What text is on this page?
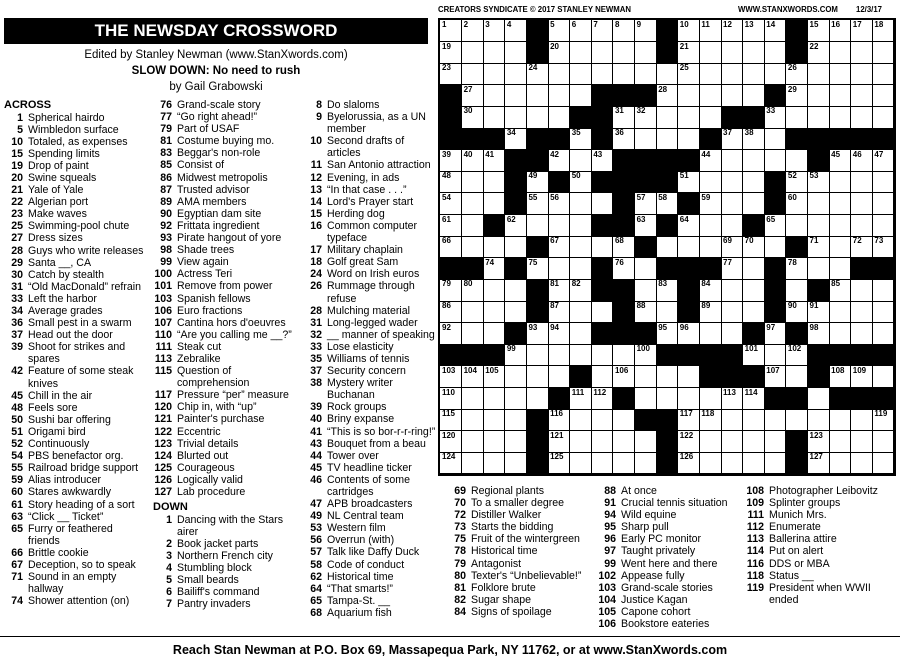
THE NEWSDAY CROSSWORD
Edited by Stanley Newman (www.StanXwords.com)
SLOW DOWN: No need to rush
by Gail Grabowski
CREATORS SYNDICATE © 2017 STANLEY NEWMAN	WWW.STANXWORDS.COM 12/3/17
1 2 3 4	5 6 7 8 9	10 11 12 13 14	15 16 17 18
19	20	21	22
23	24	25	26
27	28	29
30	31 32	33
34	35	36	37 38
39 40 41	42	43	44	45 46 47
48	49	50	51	52 53
54	55 56	57 58	59	60
61	62	63	64	65
66	67	68	69 70	71	72 73
74	75	76	77	78
79 80	81 82	83	84	85
86	87	88	89	90 91
92	93 94	95 96	97	98
99	100	101	102
103 104 105	106	107	108 109
110	111 112	113 114
115	116	117 118	119
120	121	122	123
124	125	126	127
ACROSS
1 Spherical hairdo
5 Wimbledon surface
10 Totaled, as expenses
15 Spending limits
19 Drop of paint
20 Swine squeals
21 Yale of Yale
22 Algerian port
23 Make waves
25 Swimming-pool chute
27 Dress sizes
28 Guys who write releases
29 Santa __, CA
30 Catch by stealth
31 “Old MacDonald” refrain
33 Left the harbor
34 Average grades
36 Small pest in a swarm
37 Head out the door
39 Shoot for strikes and spares
42 Feature of some steak knives
45 Chill in the air
48 Feels sore
50 Sushi bar offering
51 Origami bird
52 Continuously
54 PBS benefactor org.
55 Railroad bridge support
59 Alias introducer
60 Stares awkwardly
61 Story heading of a sort
63 “Click __ Ticket”
65 Furry or feathered friends
66 Brittle cookie
67 Deception, so to speak
71 Sound in an empty hallway
74 Shower attention (on)
76 Grand-scale story
77 “Go right ahead!”
79 Part of USAF
81 Costume buying mo.
83 Beggar's non-role
85 Consist of
86 Midwest metropolis
87 Trusted advisor
89 AMA members
90 Egyptian dam site
92 Frittata ingredient
93 Pirate hangout of yore
98 Shade trees
99 View again
100 Actress Teri
101 Remove from power
103 Spanish fellows
106 Euro fractions
107 Cantina hors d'oeuvres
110 “Are you calling me __?”
111 Steak cut
113 Zebralike
115 Question of comprehension
117 Pressure “per” measure
120 Chip in, with “up”
121 Painter's purchase
122 Eccentric
123 Trivial details
124 Blurted out
125 Courageous
126 Logically valid
127 Lab procedure
DOWN
1 Dancing with the Stars airer
2 Book jacket parts
3 Northern French city
4 Stumbling block
5 Small beards
6 Bailiff's command
7 Pantry invaders
8 Do slaloms
9 Byelorussia, as a UN member
10 Second drafts of articles
11 San Antonio attraction
12 Evening, in ads
13 “In that case . . .”
14 Lord's Prayer start
15 Herding dog
16 Common computer typeface
17 Military chaplain
18 Golf great Sam
24 Word on Irish euros
26 Rummage through refuse
28 Mulching material
31 Long-legged wader
32 __ manner of speaking
33 Lose elasticity
35 Williams of tennis
37 Security concern
38 Mystery writer Buchanan
39 Rock groups
40 Briny expanse
41 “This is so bor-r-r-ring!”
43 Bouquet from a beau
44 Tower over
45 TV headline ticker
46 Contents of some cartridges
47 APB broadcasters
49 NL Central team
53 Western film
56 Overrun (with)
57 Talk like Daffy Duck
58 Code of conduct
62 Historical time
64 “That smarts!”
65 Tampa-St. __
68 Aquarium fish
69 Regional plants
70 To a smaller degree
72 Distiller Walker
73 Starts the bidding
75 Fruit of the wintergreen
78 Historical time
79 Antagonist
80 Texter's “Unbelievable!”
81 Folklore brute
82 Sugar shape
84 Signs of spoilage
88 At once
91 Crucial tennis situation
94 Wild equine
95 Sharp pull
96 Early PC monitor
97 Taught privately
99 Went here and there
102 Appease fully
103 Grand-scale stories
104 Justice Kagan
105 Capone cohort
106 Bookstore eateries
108 Photographer Leibovitz
109 Splinter groups
111 Munich Mrs.
112 Enumerate
113 Ballerina attire
114 Put on alert
116 DDS or MBA
118 Status __
119 President when WWII ended
Reach Stan Newman at P.O. Box 69, Massapequa Park, NY 11762, or at www.StanXwords.com
